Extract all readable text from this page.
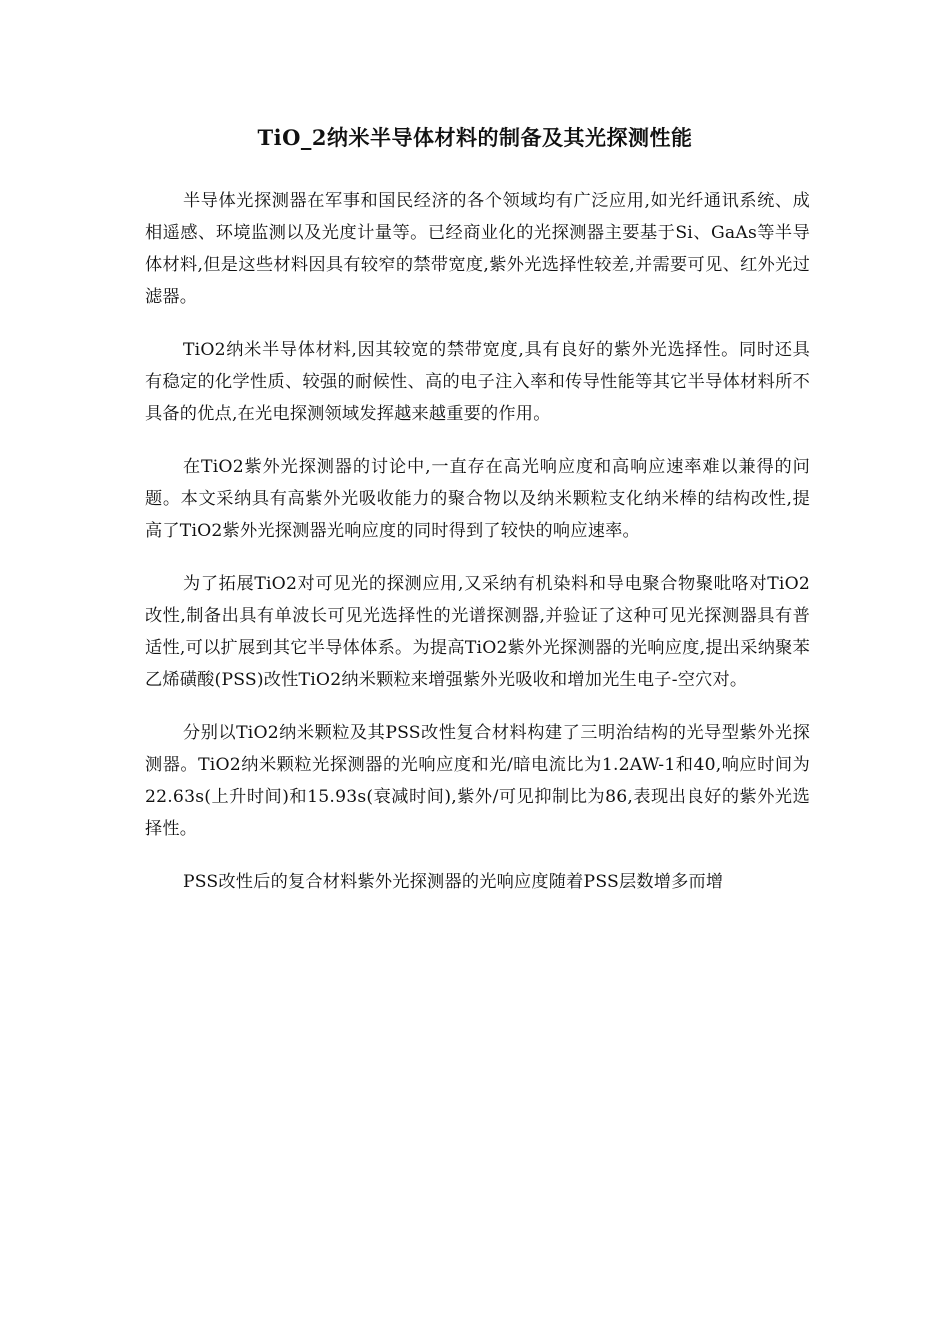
TiO_2纳米半导体材料的制备及其光探测性能

半导体光探测器在军事和国民经济的各个领域均有广泛应用,如光纤通讯系统、成相遥感、环境监测以及光度计量等。已经商业化的光探测器主要基于Si、GaAs等半导体材料,但是这些材料因具有较窄的禁带宽度,紫外光选择性较差,并需要可见、红外光过滤器。

TiO2纳米半导体材料,因其较宽的禁带宽度,具有良好的紫外光选择性。同时还具有稳定的化学性质、较强的耐候性、高的电子注入率和传导性能等其它半导体材料所不具备的优点,在光电探测领域发挥越来越重要的作用。

在TiO2紫外光探测器的讨论中,一直存在高光响应度和高响应速率难以兼得的问题。本文采纳具有高紫外光吸收能力的聚合物以及纳米颗粒支化纳米棒的结构改性,提高了TiO2紫外光探测器光响应度的同时得到了较快的响应速率。

为了拓展TiO2对可见光的探测应用,又采纳有机染料和导电聚合物聚吡咯对TiO2改性,制备出具有单波长可见光选择性的光谱探测器,并验证了这种可见光探测器具有普适性,可以扩展到其它半导体体系。为提高TiO2紫外光探测器的光响应度,提出采纳聚苯乙烯磺酸(PSS)改性TiO2纳米颗粒来增强紫外光吸收和增加光生电子-空穴对。

分别以TiO2纳米颗粒及其PSS改性复合材料构建了三明治结构的光导型紫外光探测器。TiO2纳米颗粒光探测器的光响应度和光/暗电流比为1.2AW-1和40,响应时间为22.63s(上升时间)和15.93s(衰减时间),紫外/可见抑制比为86,表现出良好的紫外光选择性。

PSS改性后的复合材料紫外光探测器的光响应度随着PSS层数增多而增
